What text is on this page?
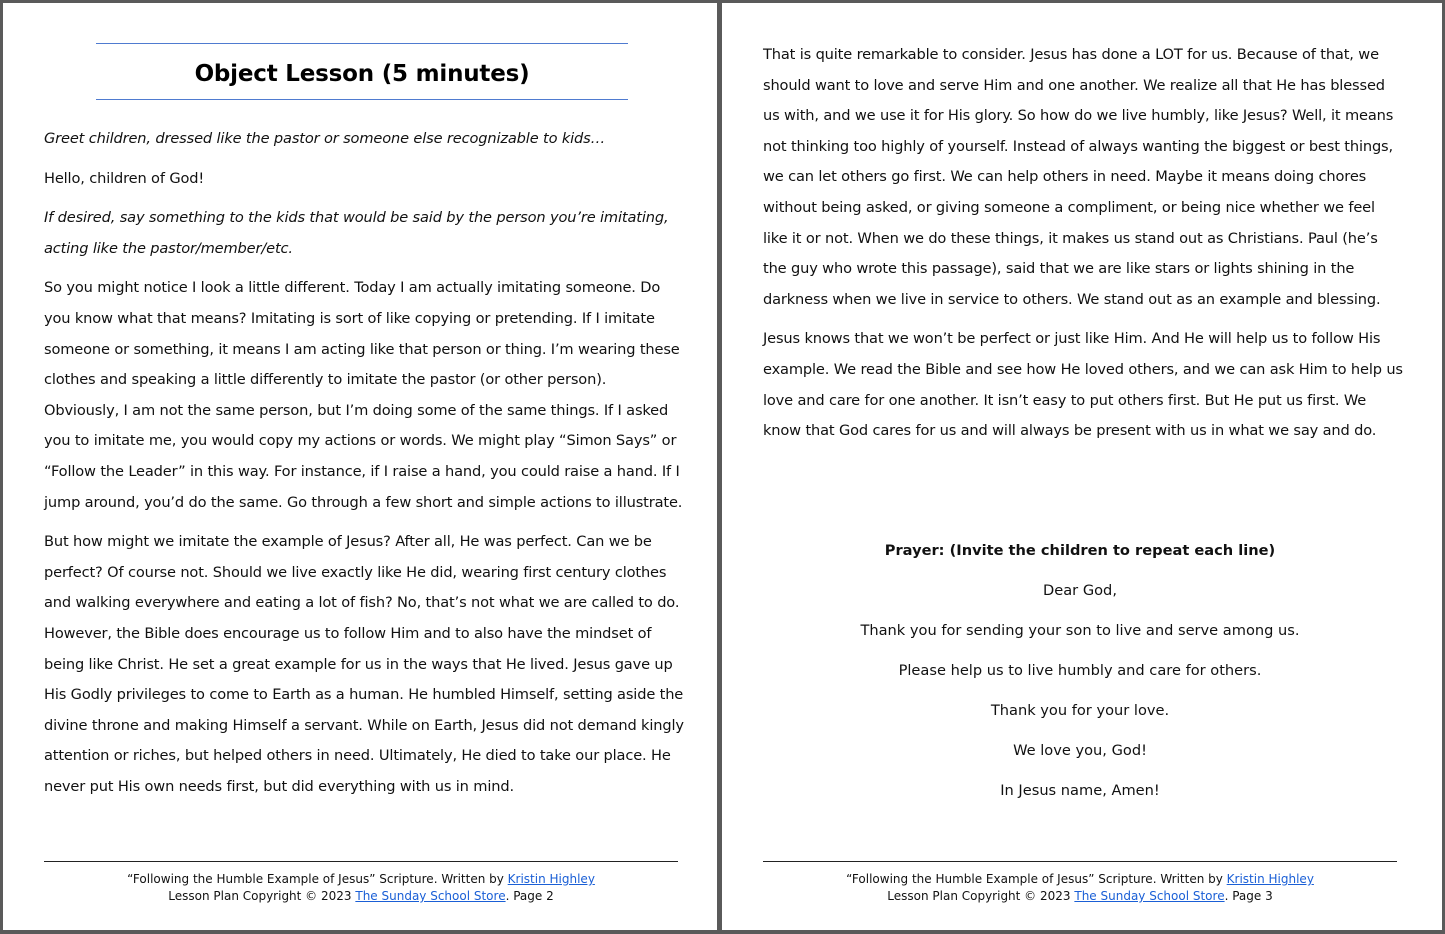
Object Lesson (5 minutes)

Greet children, dressed like the pastor or someone else recognizable to kids…

Hello, children of God!

If desired, say something to the kids that would be said by the person you’re imitating, acting like the pastor/member/etc.

So you might notice I look a little different. Today I am actually imitating someone. Do you know what that means? Imitating is sort of like copying or pretending. If I imitate someone or something, it means I am acting like that person or thing. I’m wearing these clothes and speaking a little differently to imitate the pastor (or other person). Obviously, I am not the same person, but I’m doing some of the same things. If I asked you to imitate me, you would copy my actions or words. We might play “Simon Says” or “Follow the Leader” in this way. For instance, if I raise a hand, you could raise a hand. If I jump around, you’d do the same. Go through a few short and simple actions to illustrate.

But how might we imitate the example of Jesus? After all, He was perfect. Can we be perfect? Of course not. Should we live exactly like He did, wearing first century clothes and walking everywhere and eating a lot of fish? No, that’s not what we are called to do. However, the Bible does encourage us to follow Him and to also have the mindset of being like Christ. He set a great example for us in the ways that He lived. Jesus gave up His Godly privileges to come to Earth as a human. He humbled Himself, setting aside the divine throne and making Himself a servant. While on Earth, Jesus did not demand kingly attention or riches, but helped others in need. Ultimately, He died to take our place. He never put His own needs first, but did everything with us in mind.

“Following the Humble Example of Jesus” Scripture. Written by Kristin Highley
Lesson Plan Copyright © 2023 The Sunday School Store. Page 2

That is quite remarkable to consider. Jesus has done a LOT for us. Because of that, we should want to love and serve Him and one another. We realize all that He has blessed us with, and we use it for His glory. So how do we live humbly, like Jesus? Well, it means not thinking too highly of yourself. Instead of always wanting the biggest or best things, we can let others go first. We can help others in need. Maybe it means doing chores without being asked, or giving someone a compliment, or being nice whether we feel like it or not. When we do these things, it makes us stand out as Christians. Paul (he’s the guy who wrote this passage), said that we are like stars or lights shining in the darkness when we live in service to others. We stand out as an example and blessing.

Jesus knows that we won’t be perfect or just like Him. And He will help us to follow His example. We read the Bible and see how He loved others, and we can ask Him to help us love and care for one another. It isn’t easy to put others first. But He put us first. We know that God cares for us and will always be present with us in what we say and do.

Prayer: (Invite the children to repeat each line)
Dear God,
Thank you for sending your son to live and serve among us.
Please help us to live humbly and care for others.
Thank you for your love.
We love you, God!
In Jesus name, Amen!
“Following the Humble Example of Jesus” Scripture. Written by Kristin Highley
Lesson Plan Copyright © 2023 The Sunday School Store. Page 3
